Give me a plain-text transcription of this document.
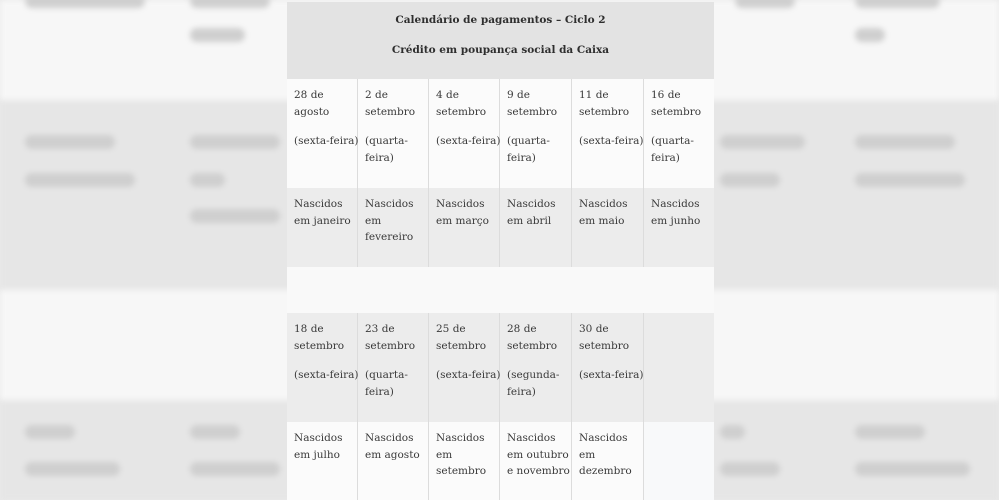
Calendário de pagamentos – Ciclo 2
Crédito em poupança social da Caixa
28 de
agosto
(sexta-feira)
2 de
setembro
(quarta-
feira)
4 de
setembro
(sexta-feira)
9 de
setembro
(quarta-
feira)
11 de
setembro
(sexta-feira)
16 de
setembro
(quarta-
feira)
Nascidos
em janeiro
Nascidos
em
fevereiro
Nascidos
em março
Nascidos
em abril
Nascidos
em maio
Nascidos
em junho
18 de
setembro
(sexta-feira)
23 de
setembro
(quarta-
feira)
25 de
setembro
(sexta-feira)
28 de
setembro
(segunda-
feira)
30 de
setembro
(sexta-feira)
Nascidos
em julho
Nascidos
em agosto
Nascidos
em
setembro
Nascidos
em outubro
e novembro
Nascidos
em
dezembro
